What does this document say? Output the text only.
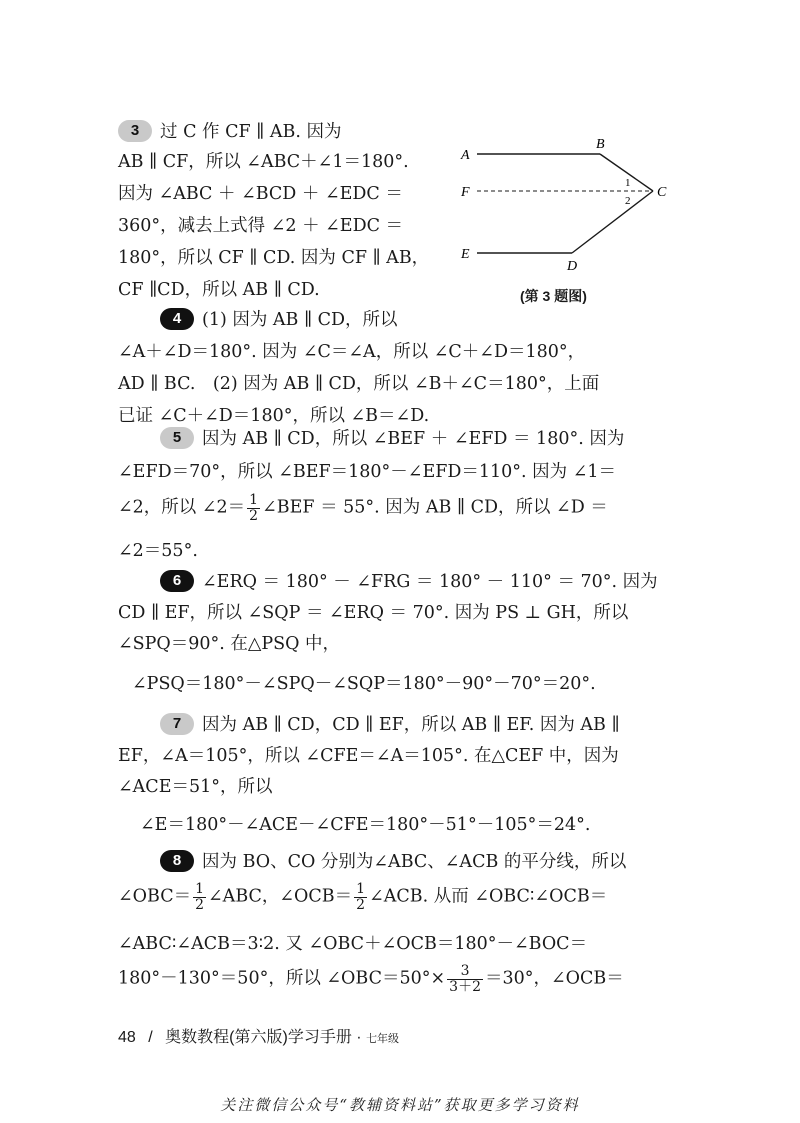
A
B
F	C
E
D
1
2
(第 3 题图)
3 过 C 作 CF ∥ AB. 因为
AB ∥ CF，所以 ∠ABC＋∠1＝180°.
因为 ∠ABC ＋ ∠BCD ＋ ∠EDC ＝
360°，减去上式得 ∠2 ＋ ∠EDC ＝
180°，所以 CF ∥ CD. 因为 CF ∥ AB，
CF ∥CD，所以 AB ∥ CD.
4 (1) 因为 AB ∥ CD，所以
∠A＋∠D＝180°. 因为 ∠C＝∠A，所以 ∠C＋∠D＝180°，
AD ∥ BC.　(2) 因为 AB ∥ CD，所以 ∠B＋∠C＝180°，上面
已证 ∠C＋∠D＝180°，所以 ∠B＝∠D.
5 因为 AB ∥ CD，所以 ∠BEF ＋ ∠EFD ＝ 180°. 因为
∠EFD＝70°，所以 ∠BEF＝180°－∠EFD＝110°. 因为 ∠1＝
∠2，所以 ∠2＝ $\frac{1}{2}$ ∠BEF ＝ 55°. 因为 AB ∥ CD，所以 ∠D ＝
∠2＝55°.
6 ∠ERQ ＝ 180° － ∠FRG ＝ 180° － 110° ＝ 70°. 因为
CD ∥ EF，所以 ∠SQP ＝ ∠ERQ ＝ 70°. 因为 PS ⊥ GH，所以
∠SPQ＝90°. 在△PSQ 中，
∠PSQ＝180°－∠SPQ－∠SQP＝180°－90°－70°＝20°.
7 因为 AB ∥ CD，CD ∥ EF，所以 AB ∥ EF. 因为 AB ∥
EF，∠A＝105°，所以 ∠CFE＝∠A＝105°. 在△CEF 中，因为
∠ACE＝51°，所以
∠E＝180°－∠ACE－∠CFE＝180°－51°－105°＝24°.
8 因为 BO、CO 分别为∠ABC、∠ACB 的平分线，所以
∠OBC＝ $\frac{1}{2}$ ∠ABC，∠OCB＝ $\frac{1}{2}$ ∠ACB. 从而 ∠OBC∶∠OCB＝
∠ABC∶∠ACB＝3∶2. 又 ∠OBC＋∠OCB＝180°－∠BOC＝
180°－130°＝50°，所以 ∠OBC＝50°× $\frac{3}{3+2} =30^\circ$，∠OCB＝
48 / 奥数教程(第六版)学习手册 · 七年级
关注微信公众号“教辅资料站”获取更多学习资料
